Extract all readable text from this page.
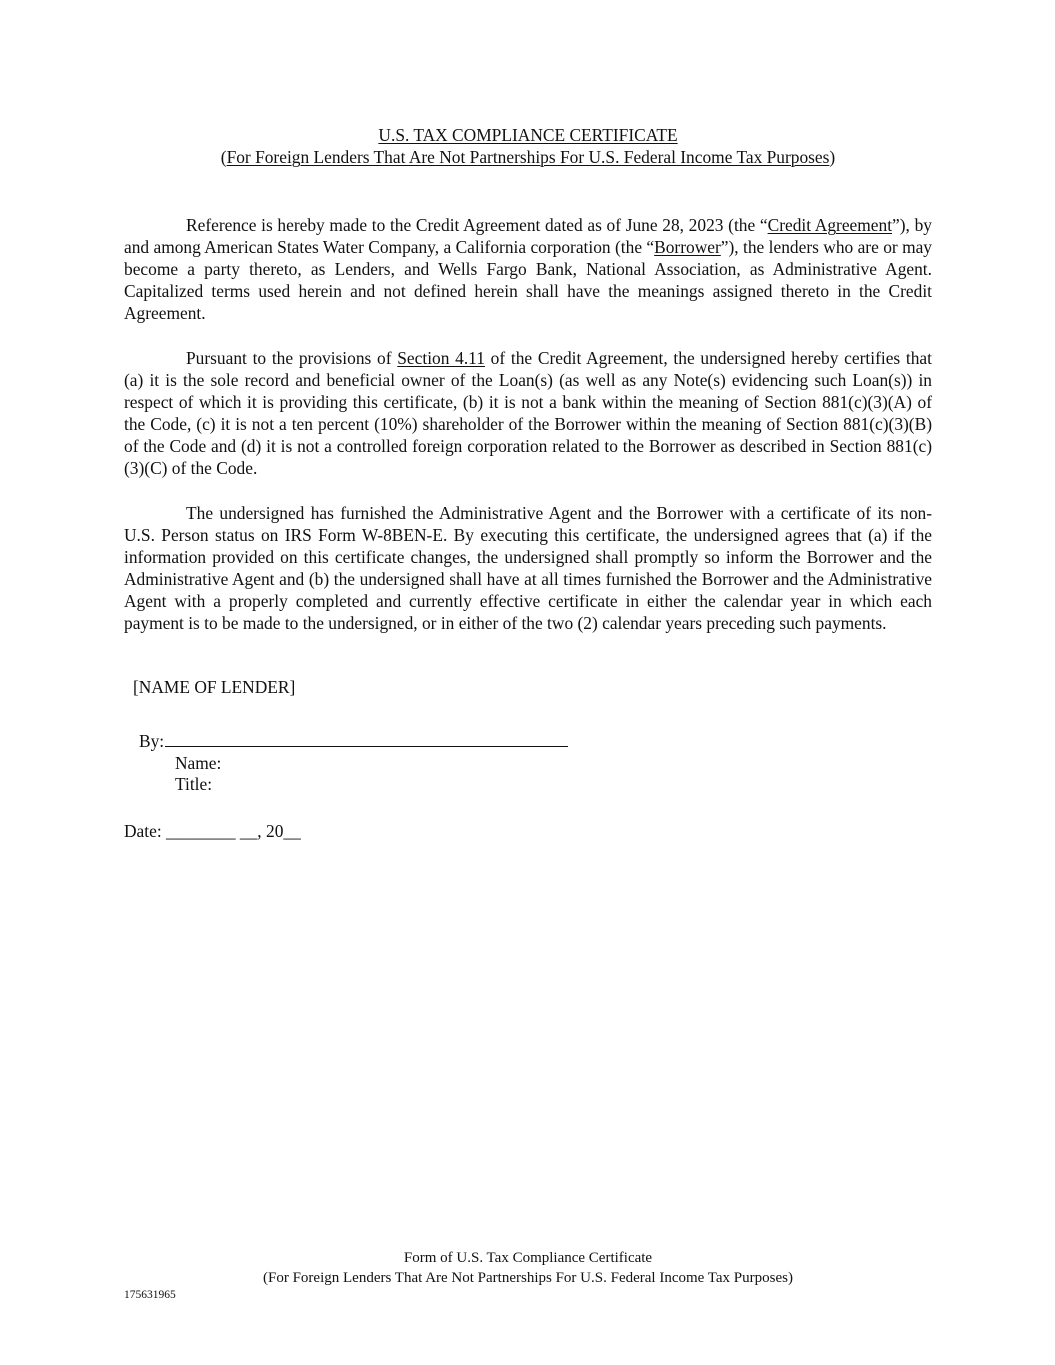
U.S. TAX COMPLIANCE CERTIFICATE

(For Foreign Lenders That Are Not Partnerships For U.S. Federal Income Tax Purposes)

Reference is hereby made to the Credit Agreement dated as of June 28, 2023 (the “Credit Agreement”), by and among American States Water Company, a California corporation (the “Borrower”), the lenders who are or may become a party thereto, as Lenders, and Wells Fargo Bank, National Association, as Administrative Agent. Capitalized terms used herein and not defined herein shall have the meanings assigned thereto in the Credit Agreement.

Pursuant to the provisions of Section 4.11 of the Credit Agreement, the undersigned hereby certifies that (a) it is the sole record and beneficial owner of the Loan(s) (as well as any Note(s) evidencing such Loan(s)) in respect of which it is providing this certificate, (b) it is not a bank within the meaning of Section 881(c)(3)(A) of the Code, (c) it is not a ten percent (10%) shareholder of the Borrower within the meaning of Section 881(c)(3)(B) of the Code and (d) it is not a controlled foreign corporation related to the Borrower as described in Section 881(c)(3)(C) of the Code.

The undersigned has furnished the Administrative Agent and the Borrower with a certificate of its non-U.S. Person status on IRS Form W-8BEN-E. By executing this certificate, the undersigned agrees that (a) if the information provided on this certificate changes, the undersigned shall promptly so inform the Borrower and the Administrative Agent and (b) the undersigned shall have at all times furnished the Borrower and the Administrative Agent with a properly completed and currently effective certificate in either the calendar year in which each payment is to be made to the undersigned, or in either of the two (2) calendar years preceding such payments.

[NAME OF LENDER]

By:

Name:

Title:

Date: ________ __, 20__

Form of U.S. Tax Compliance Certificate

(For Foreign Lenders That Are Not Partnerships For U.S. Federal Income Tax Purposes)

175631965
